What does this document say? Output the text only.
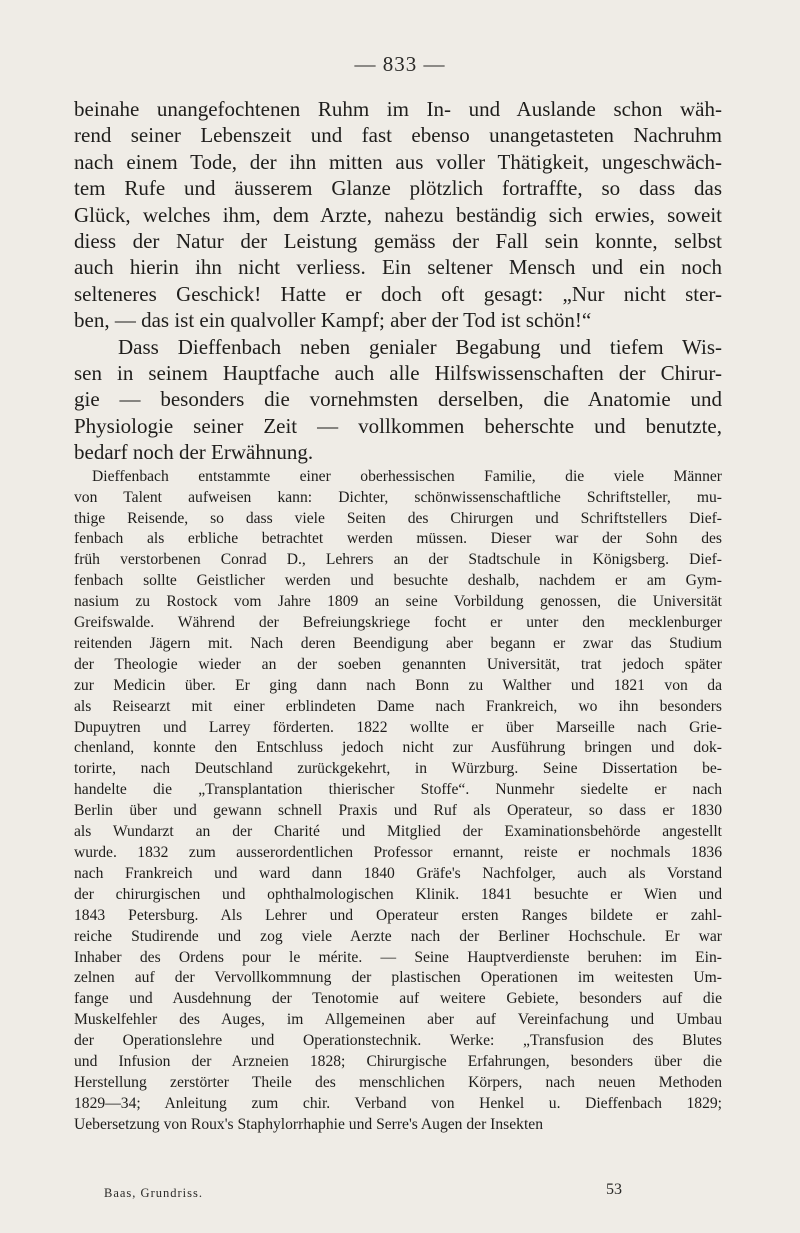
— 833 —

beinahe unangefochtenen Ruhm im In- und Auslande schon wäh-
rend seiner Lebenszeit und fast ebenso unangetasteten Nachruhm
nach einem Tode, der ihn mitten aus voller Thätigkeit, ungeschwäch-
tem Rufe und äusserem Glanze plötzlich fortraffte, so dass das
Glück, welches ihm, dem Arzte, nahezu beständig sich erwies, soweit
diess der Natur der Leistung gemäss der Fall sein konnte, selbst
auch hierin ihn nicht verliess. Ein seltener Mensch und ein noch
selteneres Geschick! Hatte er doch oft gesagt: „Nur nicht ster-
ben, — das ist ein qualvoller Kampf; aber der Tod ist schön!“

Dass Dieffenbach neben genialer Begabung und tiefem Wis-
sen in seinem Hauptfache auch alle Hilfswissenschaften der Chirur-
gie — besonders die vornehmsten derselben, die Anatomie und
Physiologie seiner Zeit — vollkommen beherschte und benutzte,
bedarf noch der Erwähnung.

Dieffenbach entstammte einer oberhessischen Familie, die viele Männer
von Talent aufweisen kann: Dichter, schönwissenschaftliche Schriftsteller, mu-
thige Reisende, so dass viele Seiten des Chirurgen und Schriftstellers Dief-
fenbach als erbliche betrachtet werden müssen. Dieser war der Sohn des
früh verstorbenen Conrad D., Lehrers an der Stadtschule in Königsberg. Dief-
fenbach sollte Geistlicher werden und besuchte deshalb, nachdem er am Gym-
nasium zu Rostock vom Jahre 1809 an seine Vorbildung genossen, die Universität
Greifswalde. Während der Befreiungskriege focht er unter den mecklenburger
reitenden Jägern mit. Nach deren Beendigung aber begann er zwar das Studium
der Theologie wieder an der soeben genannten Universität, trat jedoch später
zur Medicin über. Er ging dann nach Bonn zu Walther und 1821 von da
als Reisearzt mit einer erblindeten Dame nach Frankreich, wo ihn besonders
Dupuytren und Larrey förderten. 1822 wollte er über Marseille nach Grie-
chenland, konnte den Entschluss jedoch nicht zur Ausführung bringen und dok-
torirte, nach Deutschland zurückgekehrt, in Würzburg. Seine Dissertation be-
handelte die „Transplantation thierischer Stoffe“. Nunmehr siedelte er nach
Berlin über und gewann schnell Praxis und Ruf als Operateur, so dass er 1830
als Wundarzt an der Charité und Mitglied der Examinationsbehörde angestellt
wurde. 1832 zum ausserordentlichen Professor ernannt, reiste er nochmals 1836
nach Frankreich und ward dann 1840 Gräfe's Nachfolger, auch als Vorstand
der chirurgischen und ophthalmologischen Klinik. 1841 besuchte er Wien und
1843 Petersburg. Als Lehrer und Operateur ersten Ranges bildete er zahl-
reiche Studirende und zog viele Aerzte nach der Berliner Hochschule. Er war
Inhaber des Ordens pour le mérite. — Seine Hauptverdienste beruhen: im Ein-
zelnen auf der Vervollkommnung der plastischen Operationen im weitesten Um-
fange und Ausdehnung der Tenotomie auf weitere Gebiete, besonders auf die
Muskelfehler des Auges, im Allgemeinen aber auf Vereinfachung und Umbau
der Operationslehre und Operationstechnik. Werke: „Transfusion des Blutes
und Infusion der Arzneien 1828; Chirurgische Erfahrungen, besonders über die
Herstellung zerstörter Theile des menschlichen Körpers, nach neuen Methoden
1829—34; Anleitung zum chir. Verband von Henkel u. Dieffenbach 1829;
Uebersetzung von Roux's Staphylorrhaphie und Serre's Augen der Insekten
Baas, Grundriss.	53
